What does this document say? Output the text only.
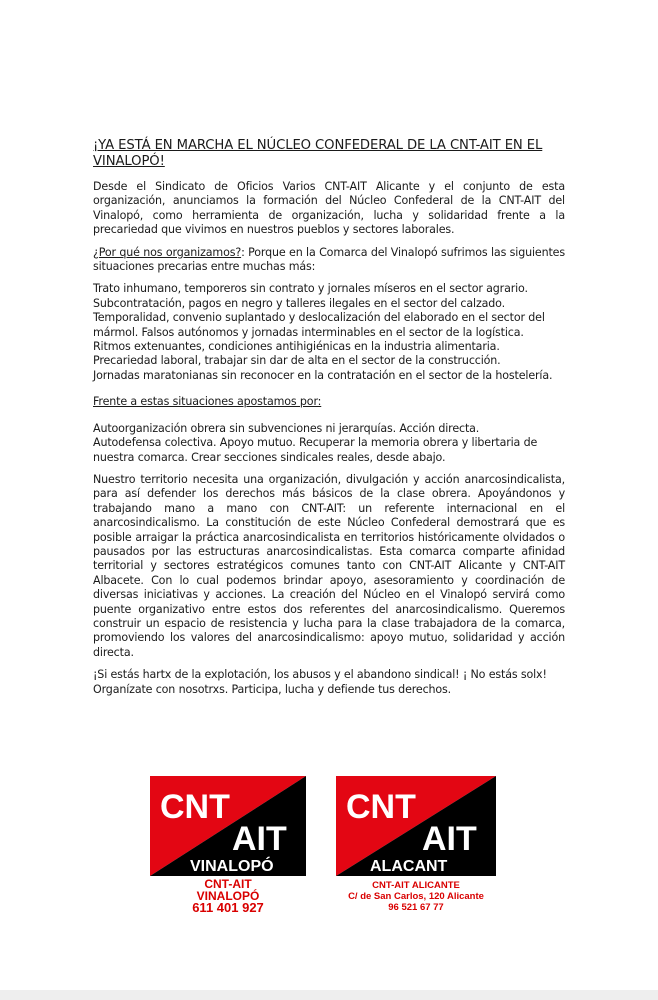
¡YA ESTÁ EN MARCHA EL NÚCLEO CONFEDERAL DE LA CNT-AIT EN EL VINALOPÓ!

Desde el Sindicato de Oficios Varios CNT-AIT Alicante y el conjunto de esta organización, anunciamos la formación del Núcleo Confederal de la CNT-AIT del Vinalopó, como herramienta de organización, lucha y solidaridad frente a la precariedad que vivimos en nuestros pueblos y sectores laborales.

¿Por qué nos organizamos?: Porque en la Comarca del Vinalopó sufrimos las siguientes situaciones precarias entre muchas más:

Trato inhumano, temporeros sin contrato y jornales míseros en el sector agrario.
Subcontratación, pagos en negro y talleres ilegales en el sector del calzado.
Temporalidad, convenio suplantado y deslocalización del elaborado en el sector del mármol. Falsos autónomos y jornadas interminables en el sector de la logística.
Ritmos extenuantes, condiciones antihigiénicas en la industria alimentaria. Precariedad laboral, trabajar sin dar de alta en el sector de la construcción.
Jornadas maratonianas sin reconocer en la contratación en el sector de la hostelería.

Frente a estas situaciones apostamos por:

Autoorganización obrera sin subvenciones ni jerarquías. Acción directa.
Autodefensa colectiva. Apoyo mutuo. Recuperar la memoria obrera y libertaria de nuestra comarca. Crear secciones sindicales reales, desde abajo.

Nuestro territorio necesita una organización, divulgación y acción anarcosindicalista, para así defender los derechos más básicos de la clase obrera. Apoyándonos y trabajando mano a mano con CNT-AIT: un referente internacional en el anarcosindicalismo. La constitución de este Núcleo Confederal demostrará que es posible arraigar la práctica anarcosindicalista en territorios históricamente olvidados o pausados por las estructuras anarcosindicalistas. Esta comarca comparte afinidad territorial y sectores estratégicos comunes tanto con CNT-AIT Alicante y CNT-AIT Albacete. Con lo cual podemos brindar apoyo, asesoramiento y coordinación de diversas iniciativas y acciones. La creación del Núcleo en el Vinalopó servirá como puente organizativo entre estos dos referentes del anarcosindicalismo. Queremos construir un espacio de resistencia y lucha para la clase trabajadora de la comarca, promoviendo los valores del anarcosindicalismo: apoyo mutuo, solidaridad y acción directa.

¡Si estás hartx de la explotación, los abusos y el abandono sindical! ¡ No estás solx! Organízate con nosotrxs. Participa, lucha y defiende tus derechos.

CNT
AIT
VINALOPÓ
CNT-AIT
VINALOPÓ
611 401 927
CNT
AIT
ALACANT
CNT-AIT ALICANTE
C/ de San Carlos, 120 Alicante
96 521 67 77
